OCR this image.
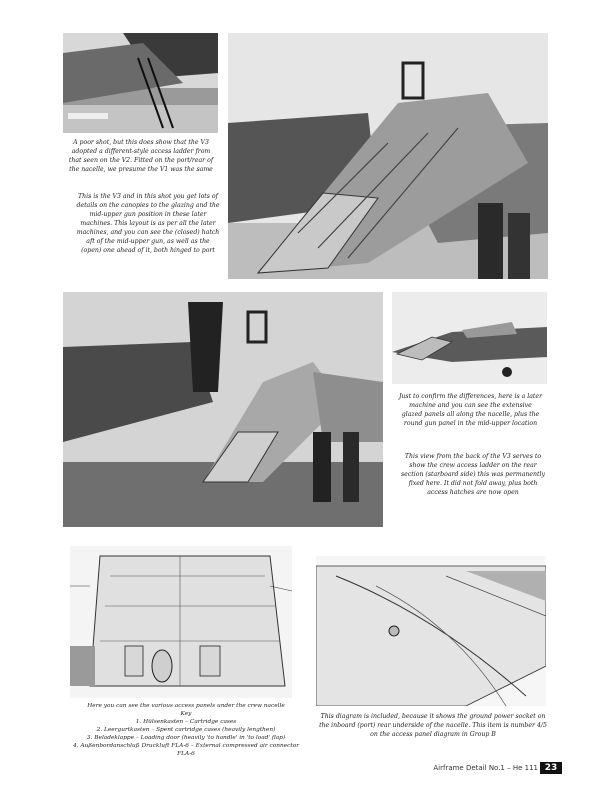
A poor shot, but this does show that the V3 adopted a different-style access ladder from that seen on the V2. Fitted on the port/rear of the nacelle, we presume the V1 was the same

This is the V3 and in this shot you get lots of details on the canopies to the glazing and the mid-upper gun position in these later machines. This layout is as per all the later machines, and you can see the (closed) hatch aft of the mid-upper gun, as well as the (open) one ahead of it, both hinged to port

Just to confirm the differences, here is a later machine and you can see the extensive glazed panels all along the nacelle, plus the round gun panel in the mid-upper location

This view from the back of the V3 serves to show the crew access ladder on the rear section (starboard side) this was permanently fixed here. It did not fold away, plus both access hatches are now open

Here you can see the various access panels under the crew nacelle

Key

1. Hülsenkasten – Cartridge cases

2. Leergurtkasten – Spent cartridge cases (heavily lengthen)

3. Beladeklappe – Loading door (heavily 'to handle' in 'to load' flap)

4. Außenbordanschluß Druckluft FLA-6 – External compressed air connector FLA-6

This diagram is included, because it shows the ground power socket on the inboard (port) rear underside of the nacelle. This item is number 4/5 on the access panel diagram in Group B

Airframe Detail No.1 – He 111 23
